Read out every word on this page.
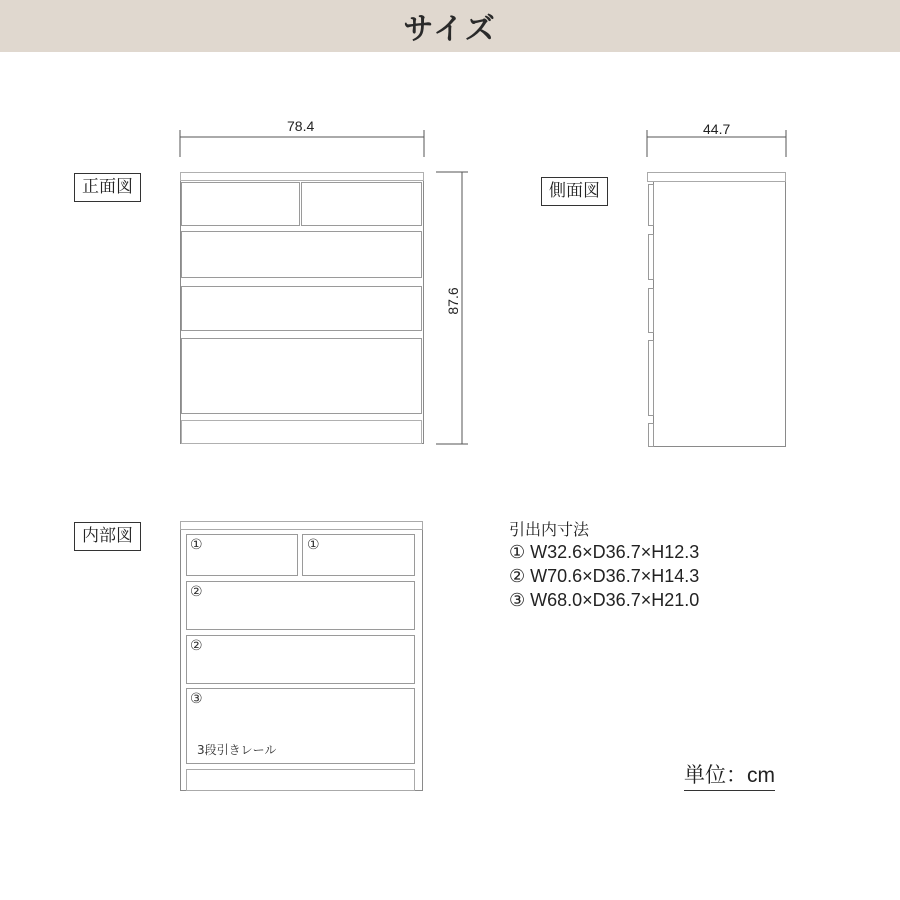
サイズ
78.4	44.7
87.6
正面図	側面図
内部図	①	①
②
②
③
3段引きレール
引出内寸法
① W32.6×D36.7×H12.3
② W70.6×D36.7×H14.3
③ W68.0×D36.7×H21.0
単位：cm
